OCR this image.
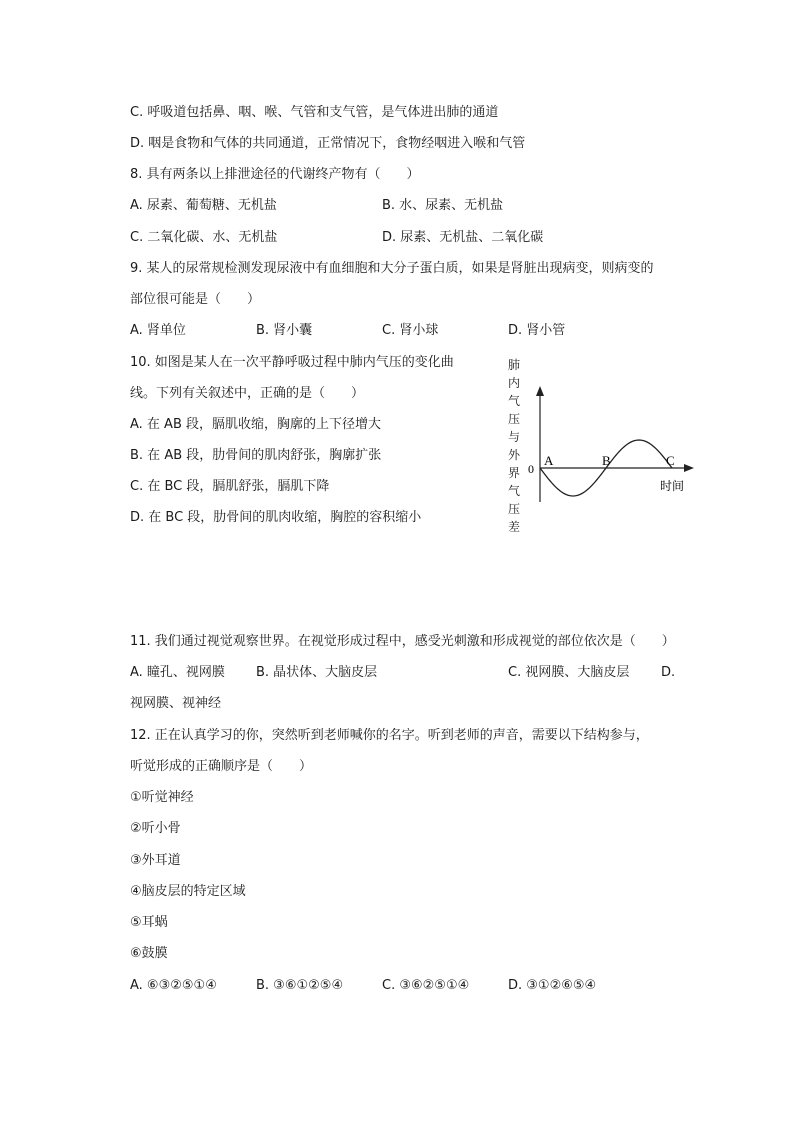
C. 呼吸道包括鼻、咽、喉、气管和支气管，是气体进出肺的通道
D. 咽是食物和气体的共同通道，正常情况下，食物经咽进入喉和气管
8. 具有两条以上排泄途径的代谢终产物有（　　）
A. 尿素、葡萄糖、无机盐	B. 水、尿素、无机盐
C. 二氧化碳、水、无机盐	D. 尿素、无机盐、二氧化碳
9. 某人的尿常规检测发现尿液中有血细胞和大分子蛋白质，如果是肾脏出现病变，则病变的
部位很可能是（　　）
A. 肾单位	B. 肾小囊	C. 肾小球	D. 肾小管
10. 如图是某人在一次平静呼吸过程中肺内气压的变化曲
线。下列有关叙述中，正确的是（　　）
A. 在 AB 段，膈肌收缩，胸廓的上下径增大
B. 在 AB 段，肋骨间的肌肉舒张，胸廓扩张
C. 在 BC 段，膈肌舒张，膈肌下降
D. 在 BC 段，肋骨间的肌肉收缩，胸腔的容积缩小
肺内气压与外界气压差
0
A	B	C
时间
11. 我们通过视觉观察世界。在视觉形成过程中，感受光刺激和形成视觉的部位依次是（　　）
A. 瞳孔、视网膜 B. 晶状体、大脑皮层	C. 视网膜、大脑皮层 D.
视网膜、视神经
12. 正在认真学习的你，突然听到老师喊你的名字。听到老师的声音，需要以下结构参与，
听觉形成的正确顺序是（　　）
①听觉神经
②听小骨
③外耳道
④脑皮层的特定区域
⑤耳蜗
⑥鼓膜
A. ⑥③②⑤①④	B. ③⑥①②⑤④	C. ③⑥②⑤①④	D. ③①②⑥⑤④
